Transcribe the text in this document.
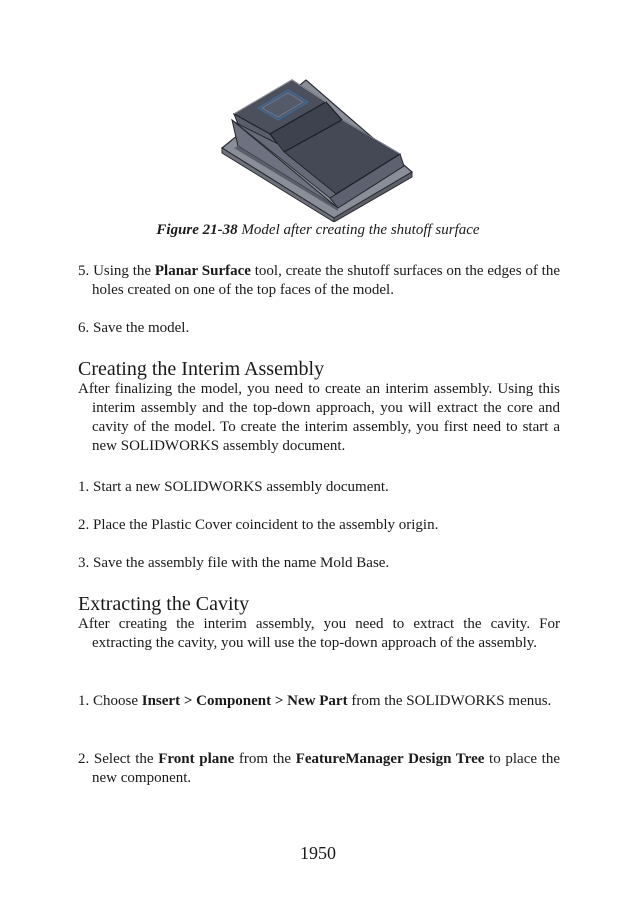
Figure 21-38 Model after creating the shutoff surface
5. Using the Planar Surface tool, create the shutoff surfaces on the edges of the holes created on one of the top faces of the model.
6. Save the model.
Creating the Interim Assembly
After finalizing the model, you need to create an interim assembly. Using this interim assembly and the top-down approach, you will extract the core and cavity of the model. To create the interim assembly, you first need to start a new SOLIDWORKS assembly document.
1. Start a new SOLIDWORKS assembly document.
2. Place the Plastic Cover coincident to the assembly origin.
3. Save the assembly file with the name Mold Base.
Extracting the Cavity
After creating the interim assembly, you need to extract the cavity. For extracting the cavity, you will use the top-down approach of the assembly.
1. Choose Insert > Component > New Part from the SOLIDWORKS menus.
2. Select the Front plane from the FeatureManager Design Tree to place the new component.
1950
